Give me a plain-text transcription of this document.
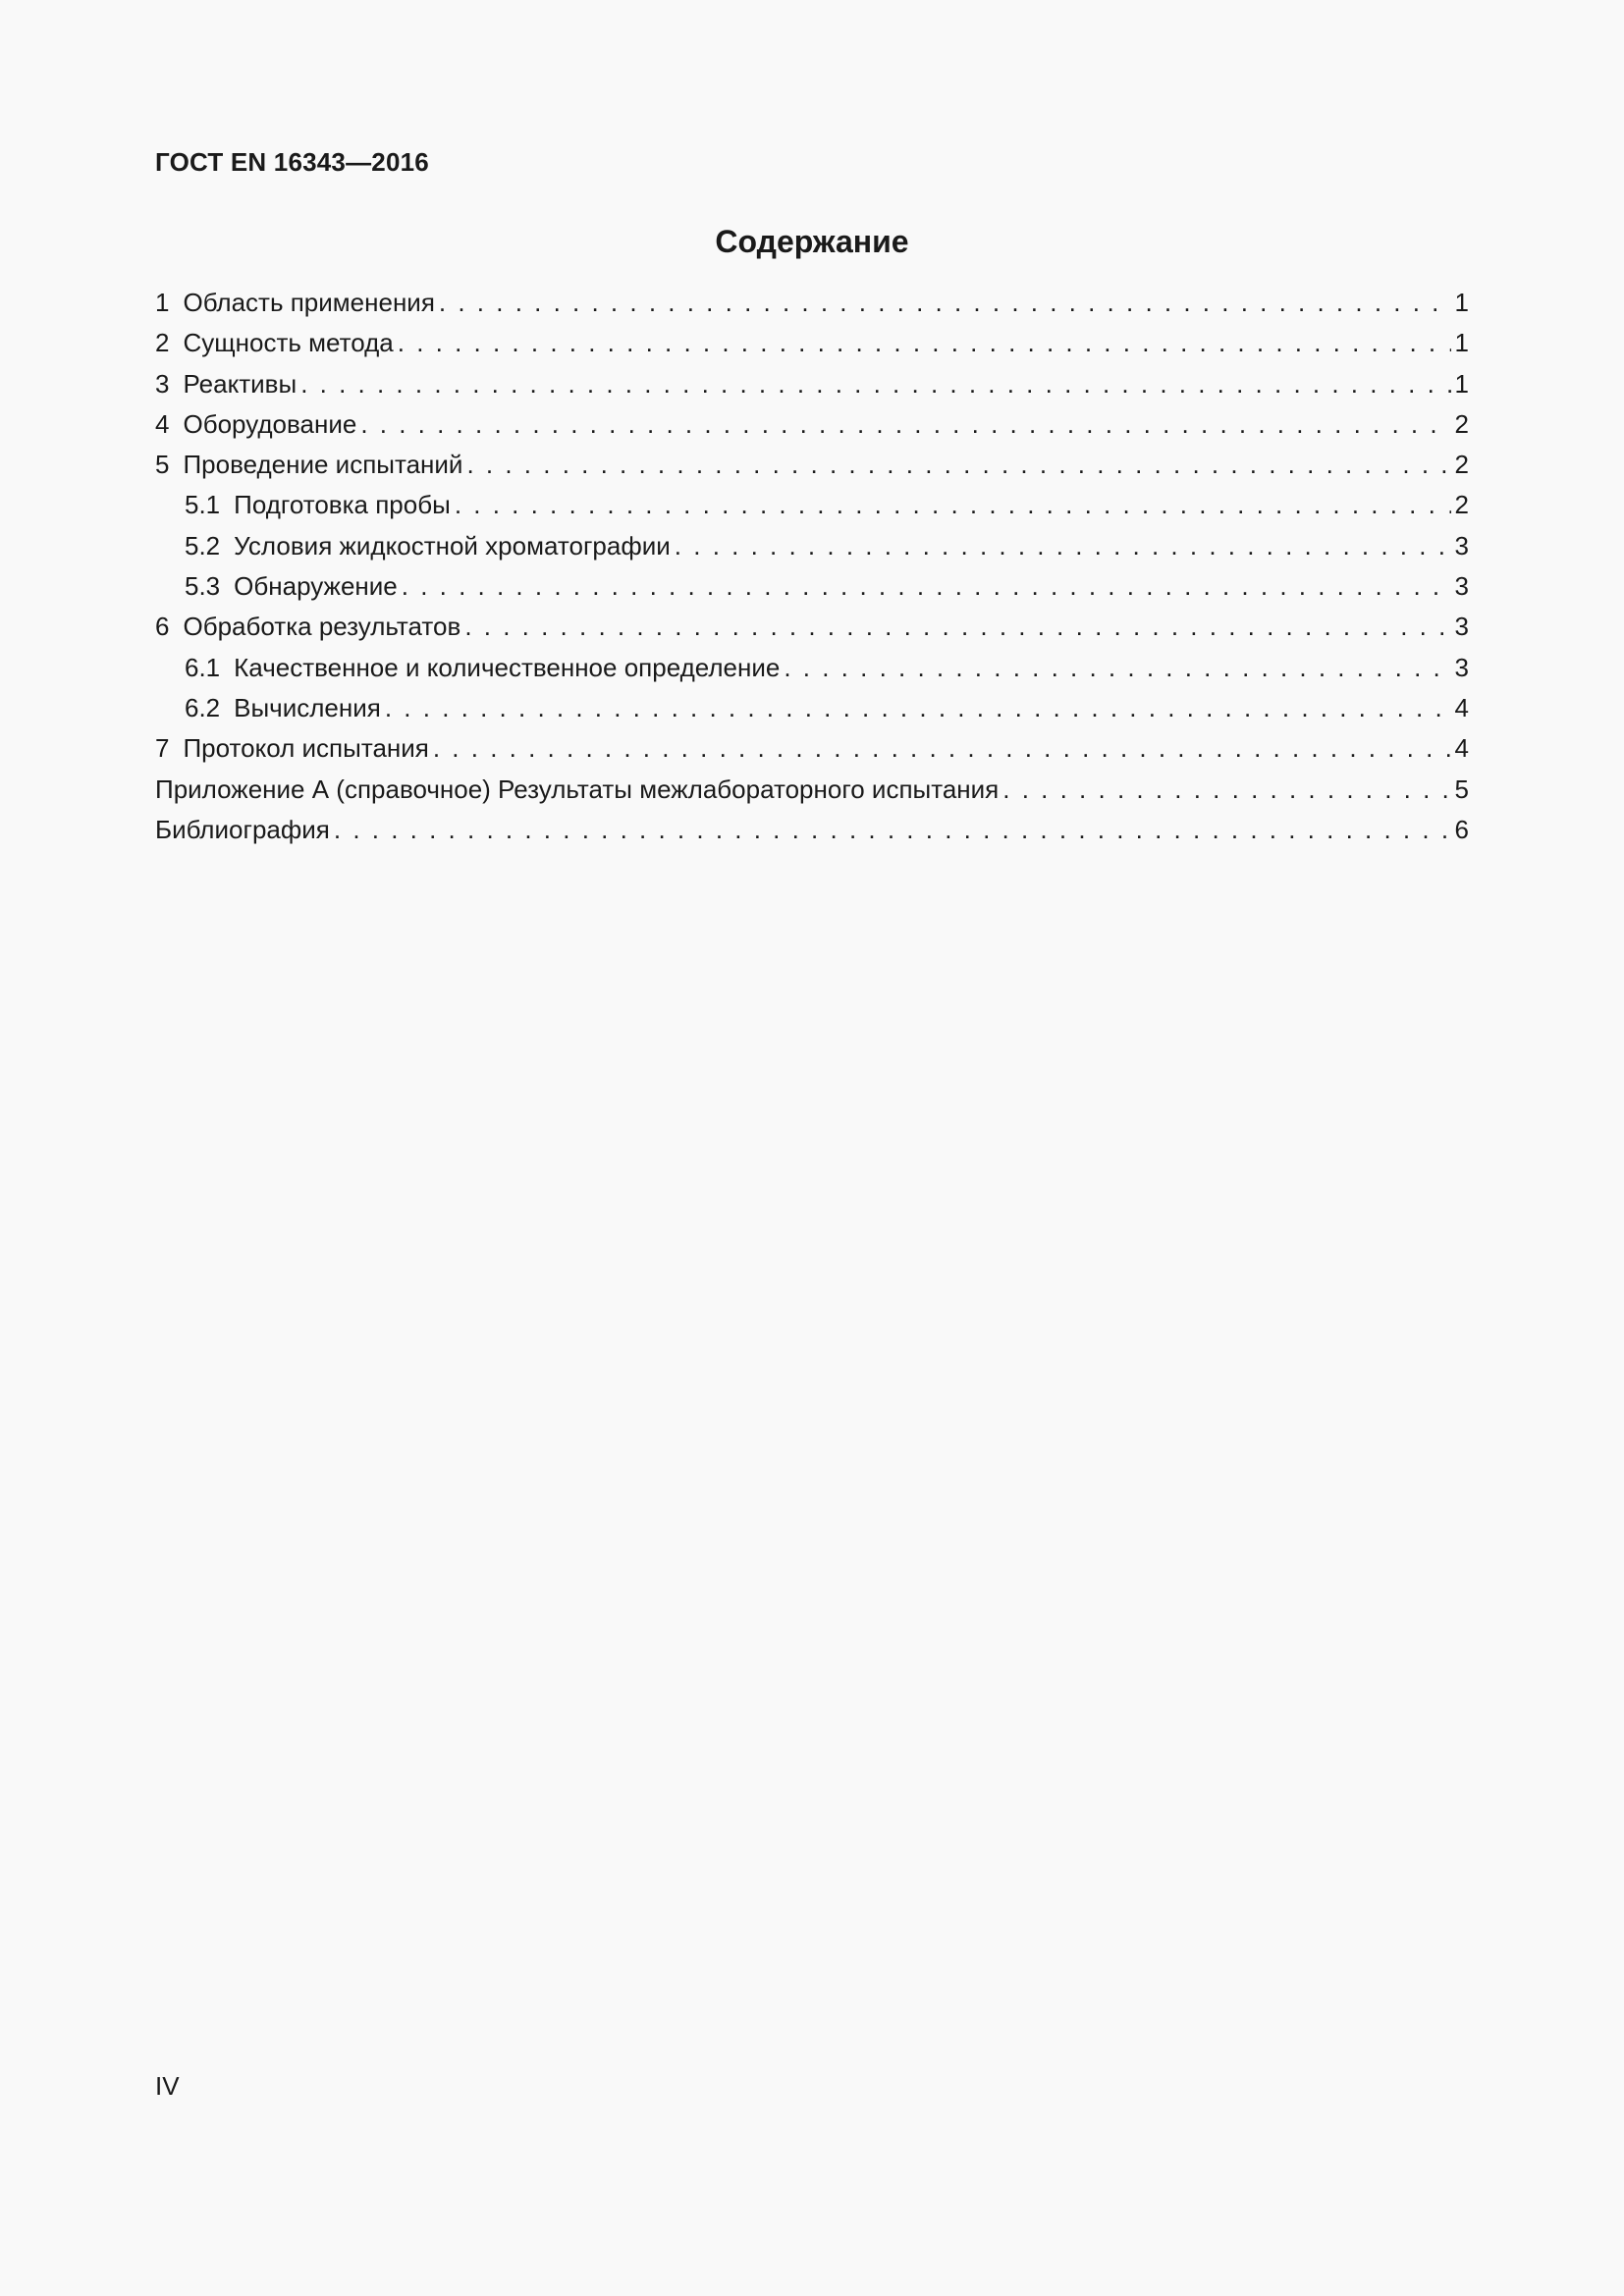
ГОСТ EN 16343—2016

Содержание
1 Область применения . . .	1
2 Сущность метода . . .	1
3 Реактивы . . .	1
4 Оборудование . . .	2
5 Проведение испытаний . . .	2
5.1 Подготовка пробы . . .	2
5.2 Условия жидкостной хроматографии . . .	3
5.3 Обнаружение . . .	3
6 Обработка результатов . . .	3
6.1 Качественное и количественное определение . . .	3
6.2 Вычисления . . .	4
7 Протокол испытания . . .	4
Приложение А (справочное) Результаты межлабораторного испытания . . .	5
Библиография . . .	6

IV
